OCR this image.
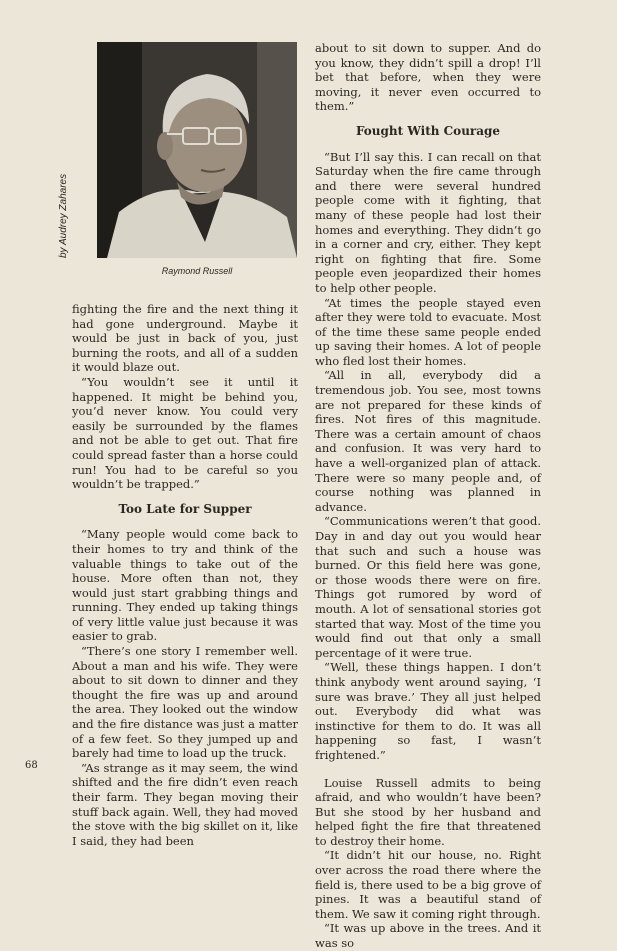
by Audrey Zahares
Raymond Russell

fighting the fire and the next thing it had gone underground. Maybe it would be just in back of you, just burning the roots, and all of a sudden it would blaze out.

“You wouldn’t see it until it happened. It might be behind you, you’d never know. You could very easily be surrounded by the flames and not be able to get out. That fire could spread faster than a horse could run! You had to be careful so you wouldn’t be trapped.”

Too Late for Supper

“Many people would come back to their homes to try and think of the valuable things to take out of the house. More often than not, they would just start grabbing things and running. They ended up taking things of very little value just because it was easier to grab.

“There’s one story I remember well. About a man and his wife. They were about to sit down to dinner and they thought the fire was up and around the area. They looked out the window and the fire distance was just a matter of a few feet. So they jumped up and barely had time to load up the truck.

“As strange as it may seem, the wind shifted and the fire didn’t even reach their farm. They began moving their stuff back again. Well, they had moved the stove with the big skillet on it, like I said, they had been

about to sit down to supper. And do you know, they didn’t spill a drop! I’ll bet that before, when they were moving, it never even occurred to them.”

Fought With Courage

“But I’ll say this. I can recall on that Saturday when the fire came through and there were several hundred people come with it fighting, that many of these people had lost their homes and everything. They didn’t go in a corner and cry, either. They kept right on fighting that fire. Some people even jeopardized their homes to help other people.

“At times the people stayed even after they were told to evacuate. Most of the time these same people ended up saving their homes. A lot of people who fled lost their homes.

“All in all, everybody did a tremendous job. You see, most towns are not prepared for these kinds of fires. Not fires of this magnitude. There was a certain amount of chaos and confusion. It was very hard to have a well-organized plan of attack. There were so many people and, of course nothing was planned in advance.

“Communications weren’t that good. Day in and day out you would hear that such and such a house was burned. Or this field here was gone, or those woods there were on fire. Things got rumored by word of mouth. A lot of sensational stories got started that way. Most of the time you would find out that only a small percentage of it were true.

“Well, these things happen. I don’t think anybody went around saying, ‘I sure was brave.’ They all just helped out. Everybody did what was instinctive for them to do. It was all happening so fast, I wasn’t frightened.”

Louise Russell admits to being afraid, and who wouldn’t have been? But she stood by her husband and helped fight the fire that threatened to destroy their home.

“It didn’t hit our house, no. Right over across the road there where the field is, there used to be a big grove of pines. It was a beautiful stand of them. We saw it coming right through.

“It was up above in the trees. And it was so

68
